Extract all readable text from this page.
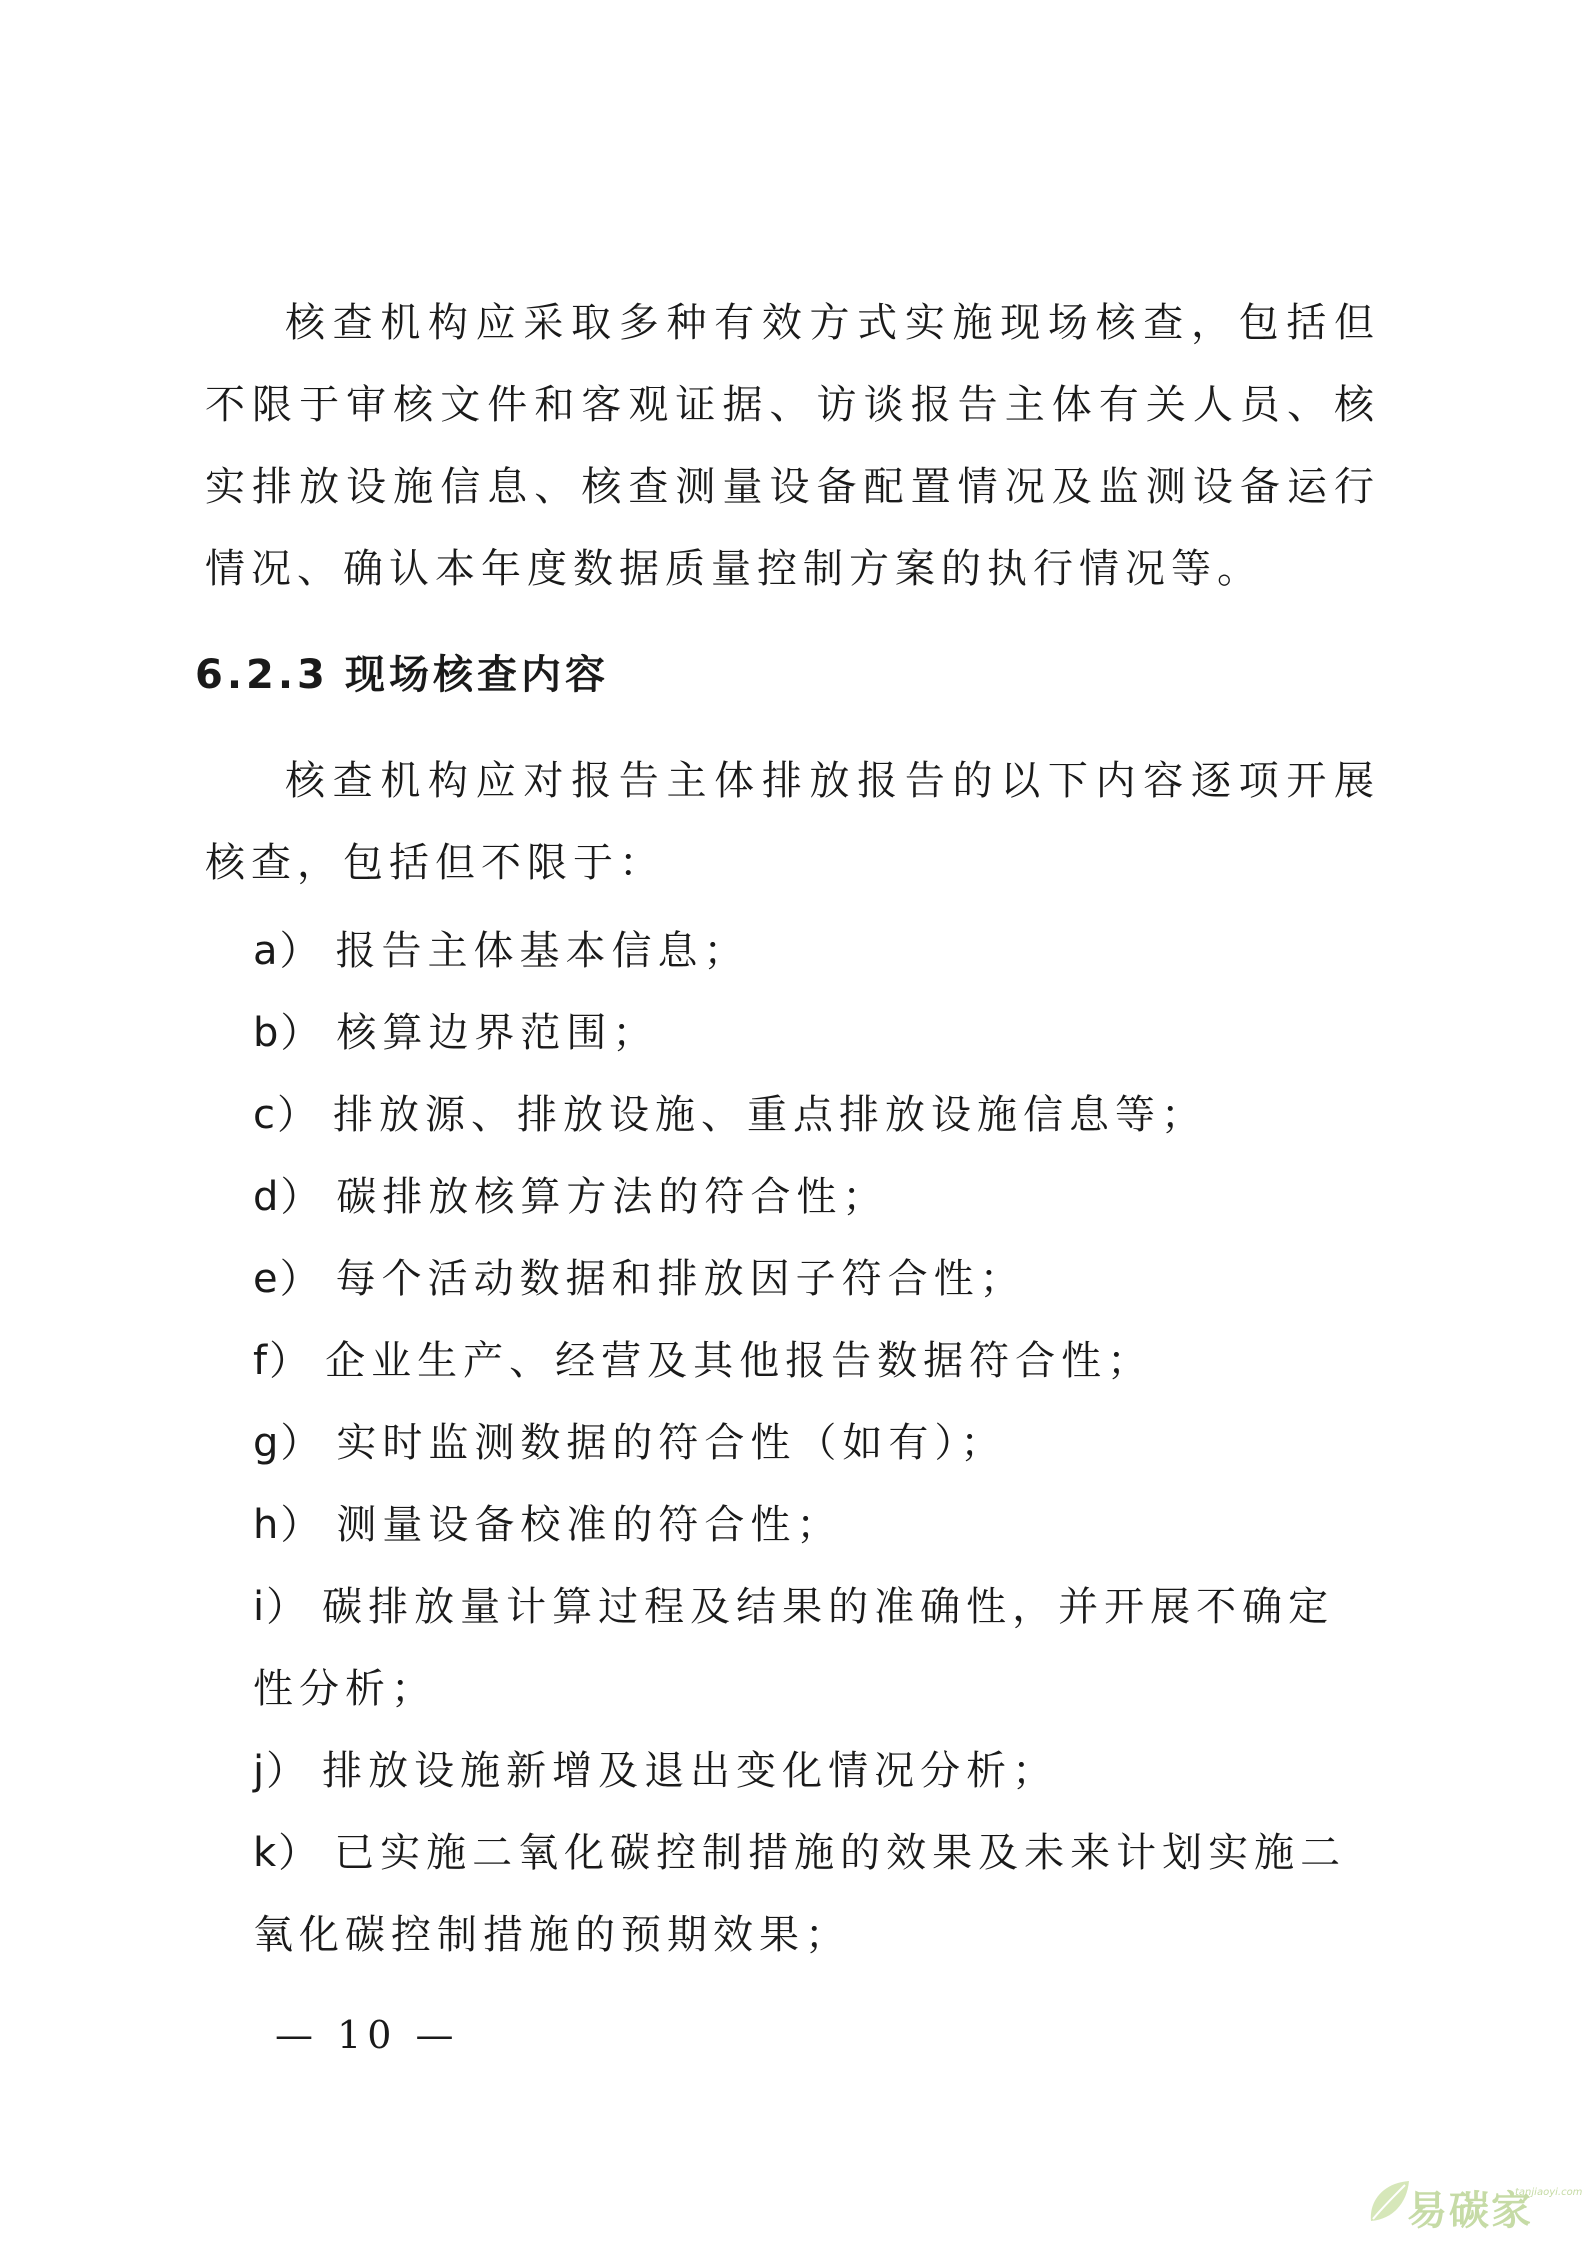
核查机构应采取多种有效方式实施现场核查，包括但不限于审核文件和客观证据、访谈报告主体有关人员、核实排放设施信息、核查测量设备配置情况及监测设备运行情况、确认本年度数据质量控制方案的执行情况等。

6.2.3 现场核查内容

核查机构应对报告主体排放报告的以下内容逐项开展核查，包括但不限于：

a） 报告主体基本信息；
b） 核算边界范围；
c） 排放源、排放设施、重点排放设施信息等；
d） 碳排放核算方法的符合性；
e） 每个活动数据和排放因子符合性；
f） 企业生产、经营及其他报告数据符合性；
g） 实时监测数据的符合性（如有）；
h） 测量设备校准的符合性；
i） 碳排放量计算过程及结果的准确性，并开展不确定性分析；
j） 排放设施新增及退出变化情况分析；
k） 已实施二氧化碳控制措施的效果及未来计划实施二氧化碳控制措施的预期效果；
— 10 —
易碳家
tanjiaoyi.com
